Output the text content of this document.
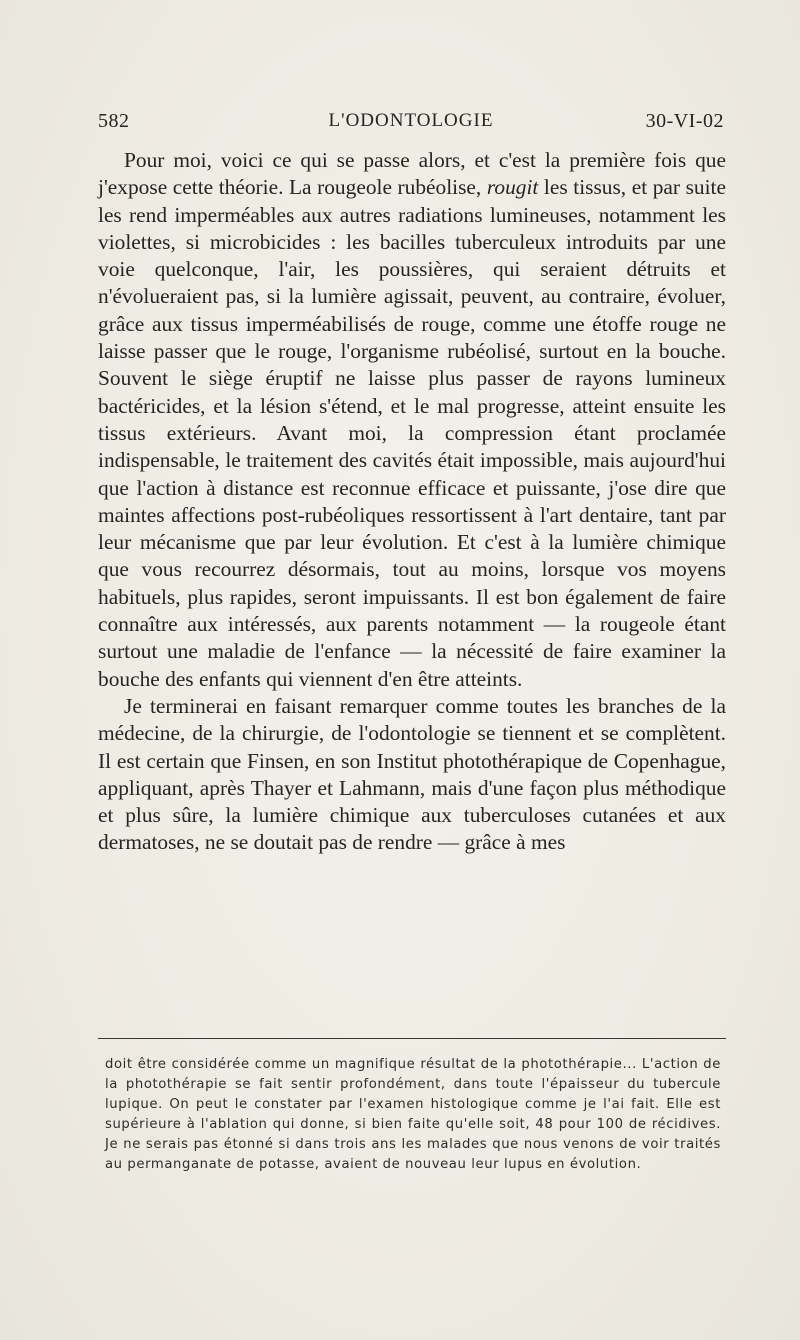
582	L'ODONTOLOGIE	30-VI-02

Pour moi, voici ce qui se passe alors, et c'est la première fois que j'expose cette théorie. La rougeole rubéolise, rougit les tissus, et par suite les rend imperméables aux autres radiations lumineuses, notamment les violettes, si microbicides : les bacilles tuberculeux introduits par une voie quelconque, l'air, les poussières, qui seraient détruits et n'évolueraient pas, si la lumière agissait, peuvent, au contraire, évoluer, grâce aux tissus imperméabilisés de rouge, comme une étoffe rouge ne laisse passer que le rouge, l'organisme rubéolisé, surtout en la bouche. Souvent le siège éruptif ne laisse plus passer de rayons lumineux bactéricides, et la lésion s'étend, et le mal progresse, atteint ensuite les tissus extérieurs. Avant moi, la compression étant proclamée indispensable, le traitement des cavités était impossible, mais aujourd'hui que l'action à distance est reconnue efficace et puissante, j'ose dire que maintes affections post-rubéoliques ressortissent à l'art dentaire, tant par leur mécanisme que par leur évolution. Et c'est à la lumière chimique que vous recourrez désormais, tout au moins, lorsque vos moyens habituels, plus rapides, seront impuissants. Il est bon également de faire connaître aux intéressés, aux parents notamment — la rougeole étant surtout une maladie de l'enfance — la nécessité de faire examiner la bouche des enfants qui viennent d'en être atteints.

Je terminerai en faisant remarquer comme toutes les branches de la médecine, de la chirurgie, de l'odontologie se tiennent et se complètent. Il est certain que Finsen, en son Institut photothérapique de Copenhague, appliquant, après Thayer et Lahmann, mais d'une façon plus méthodique et plus sûre, la lumière chimique aux tuberculoses cutanées et aux dermatoses, ne se doutait pas de rendre — grâce à mes

doit être considérée comme un magnifique résultat de la photothérapie... L'action de la photothérapie se fait sentir profondément, dans toute l'épaisseur du tubercule lupique. On peut le constater par l'examen histologique comme je l'ai fait. Elle est supérieure à l'ablation qui donne, si bien faite qu'elle soit, 48 pour 100 de récidives. Je ne serais pas étonné si dans trois ans les malades que nous venons de voir traités au permanganate de potasse, avaient de nouveau leur lupus en évolution.
